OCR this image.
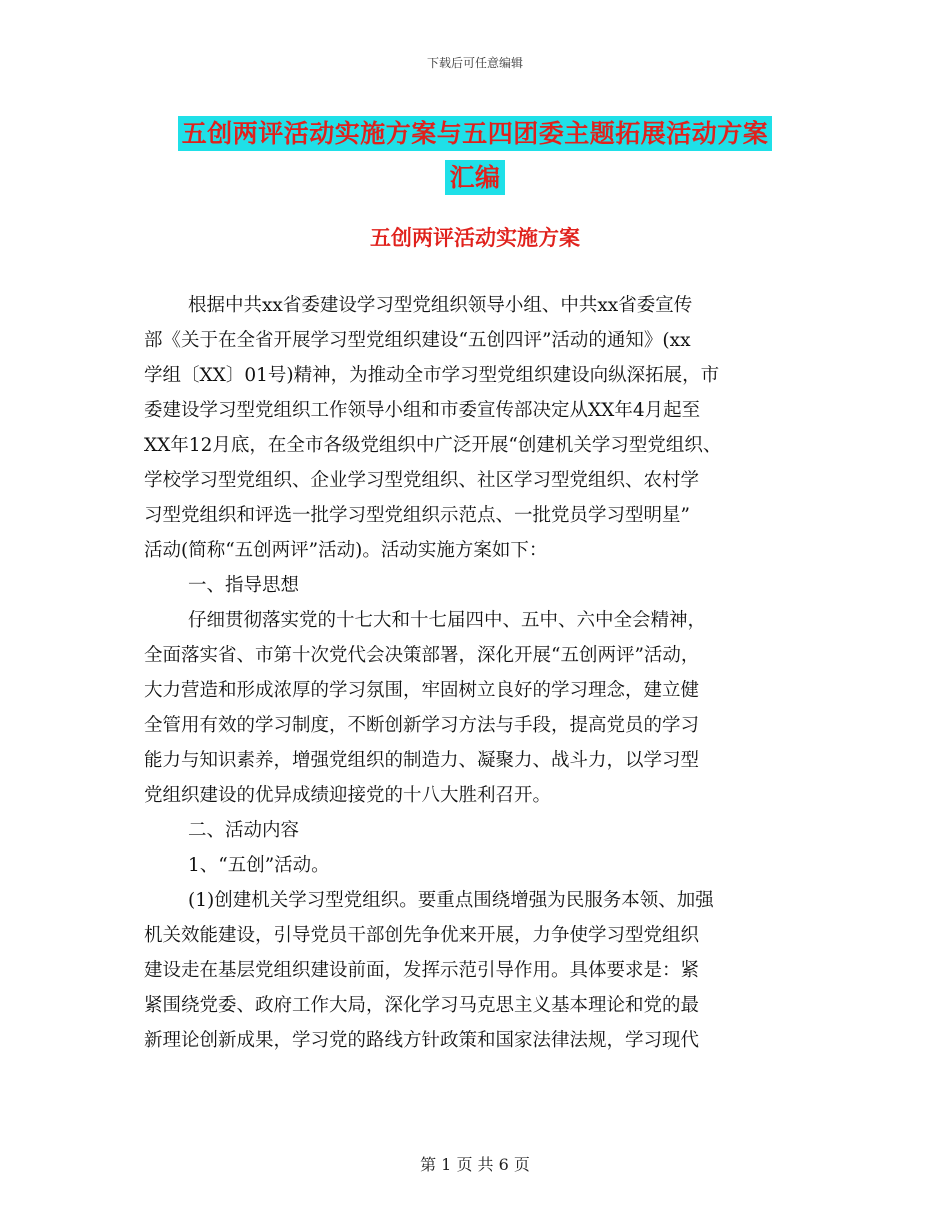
下载后可任意编辑
五创两评活动实施方案与五四团委主题拓展活动方案
汇编
五创两评活动实施方案
根据中共xx省委建设学习型党组织领导小组、中共xx省委宣传
部《关于在全省开展学习型党组织建设“五创四评”活动的通知》(xx
学组〔XX〕01号)精神，为推动全市学习型党组织建设向纵深拓展，市
委建设学习型党组织工作领导小组和市委宣传部决定从XX年4月起至
XX年12月底，在全市各级党组织中广泛开展“创建机关学习型党组织、
学校学习型党组织、企业学习型党组织、社区学习型党组织、农村学
习型党组织和评选一批学习型党组织示范点、一批党员学习型明星”
活动(简称“五创两评”活动)。活动实施方案如下：
一、指导思想
仔细贯彻落实党的十七大和十七届四中、五中、六中全会精神，
全面落实省、市第十次党代会决策部署，深化开展“五创两评”活动，
大力营造和形成浓厚的学习氛围，牢固树立良好的学习理念，建立健
全管用有效的学习制度，不断创新学习方法与手段，提高党员的学习
能力与知识素养，增强党组织的制造力、凝聚力、战斗力，以学习型
党组织建设的优异成绩迎接党的十八大胜利召开。
二、活动内容
1、“五创”活动。
(1)创建机关学习型党组织。要重点围绕增强为民服务本领、加强
机关效能建设，引导党员干部创先争优来开展，力争使学习型党组织
建设走在基层党组织建设前面，发挥示范引导作用。具体要求是：紧
紧围绕党委、政府工作大局，深化学习马克思主义基本理论和党的最
新理论创新成果，学习党的路线方针政策和国家法律法规，学习现代
第 1 页 共 6 页
